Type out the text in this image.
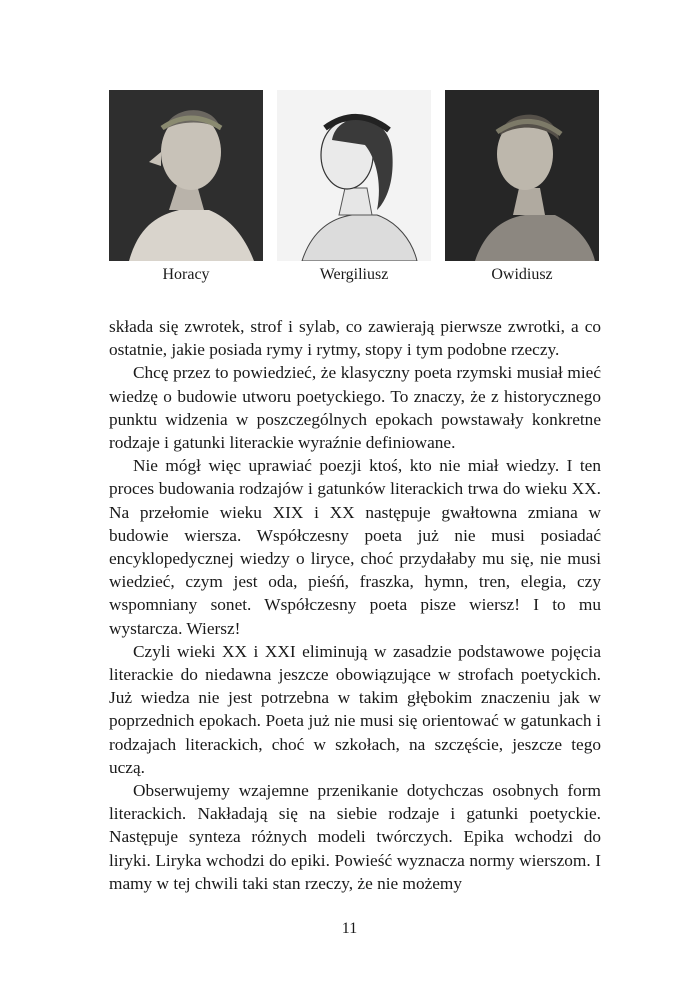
Horacy	Wergiliusz	Owidiusz

składa się zwrotek, strof i sylab, co zawierają pierwsze zwrotki, a co ostatnie, jakie posiada rymy i rytmy, stopy i tym podobne rzeczy.

Chcę przez to powiedzieć, że klasyczny poeta rzymski musiał mieć wiedzę o budowie utworu poetyckiego. To znaczy, że z historycznego punktu widzenia w poszczególnych epokach powstawały konkretne rodzaje i gatunki literackie wyraźnie definiowane.

Nie mógł więc uprawiać poezji ktoś, kto nie miał wiedzy. I ten proces budowania rodzajów i gatunków literackich trwa do wieku XX. Na przełomie wieku XIX i XX następuje gwałtowna zmiana w budowie wiersza. Współczesny poeta już nie musi posiadać encyklopedycznej wiedzy o liryce, choć przydałaby mu się, nie musi wiedzieć, czym jest oda, pieśń, fraszka, hymn, tren, elegia, czy wspomniany sonet. Współczesny poeta pisze wiersz! I to mu wystarcza. Wiersz!

Czyli wieki XX i XXI eliminują w zasadzie podstawowe pojęcia literackie do niedawna jeszcze obowiązujące w strofach poetyckich. Już wiedza nie jest potrzebna w takim głębokim znaczeniu jak w poprzednich epokach. Poeta już nie musi się orientować w gatunkach i rodzajach literackich, choć w szkołach, na szczęście, jeszcze tego uczą.

Obserwujemy wzajemne przenikanie dotychczas osobnych form literackich. Nakładają się na siebie rodzaje i gatunki poetyckie. Następuje synteza różnych modeli twórczych. Epika wchodzi do liryki. Liryka wchodzi do epiki. Powieść wyznacza normy wierszom. I mamy w tej chwili taki stan rzeczy, że nie możemy

11
